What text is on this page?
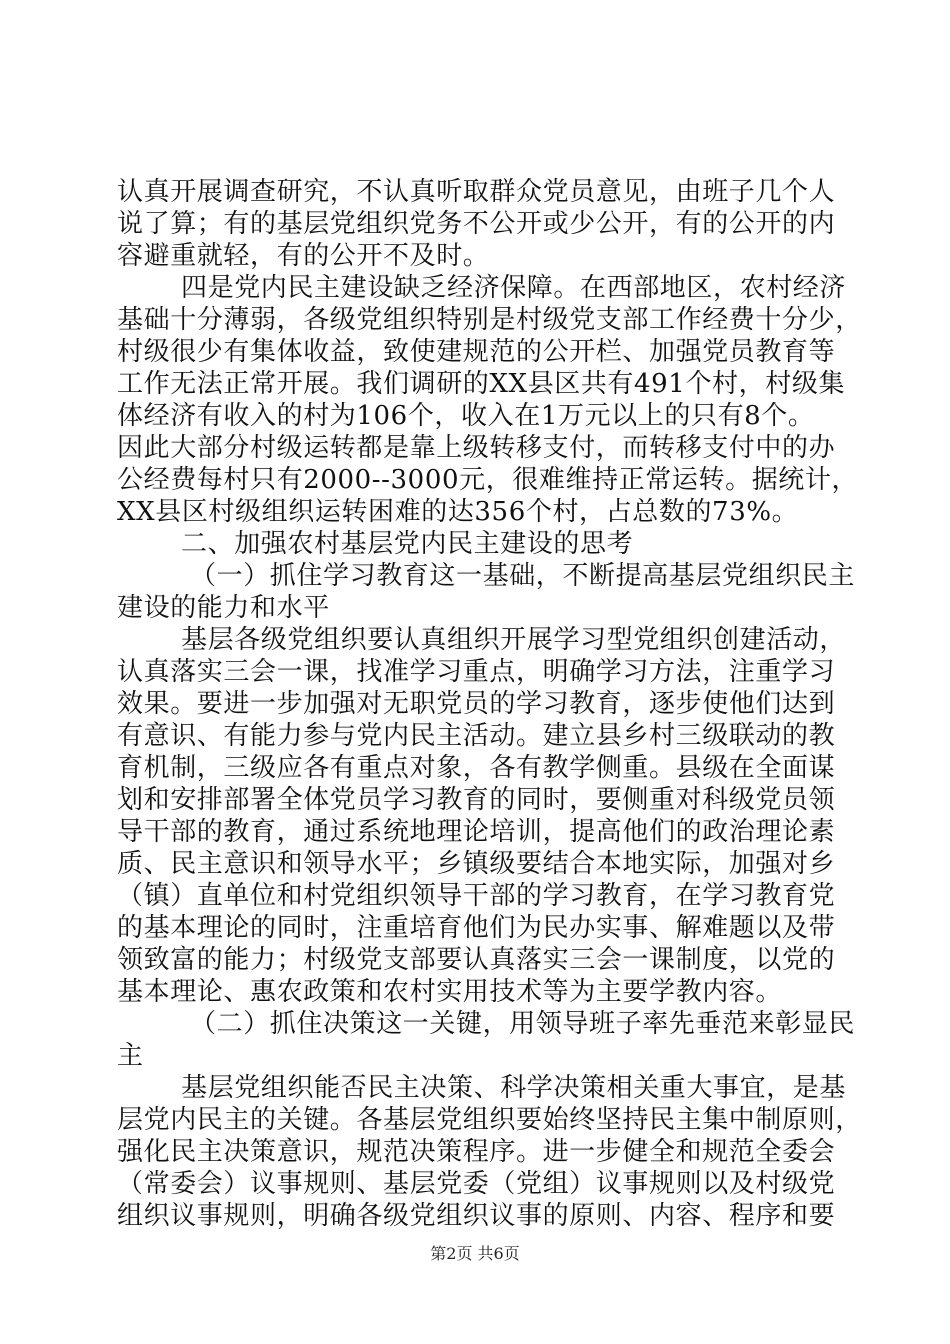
认真开展调查研究，不认真听取群众党员意见，由班子几个人
说了算；有的基层党组织党务不公开或少公开，有的公开的内
容避重就轻，有的公开不及时。
四是党内民主建设缺乏经济保障。在西部地区，农村经济
基础十分薄弱，各级党组织特别是村级党支部工作经费十分少，
村级很少有集体收益，致使建规范的公开栏、加强党员教育等
工作无法正常开展。我们调研的XX县区共有491个村，村级集
体经济有收入的村为106个，收入在1万元以上的只有8个。
因此大部分村级运转都是靠上级转移支付，而转移支付中的办
公经费每村只有2000--3000元，很难维持正常运转。据统计，
XX县区村级组织运转困难的达356个村，占总数的73%。
二、加强农村基层党内民主建设的思考
（一）抓住学习教育这一基础，不断提高基层党组织民主
建设的能力和水平
基层各级党组织要认真组织开展学习型党组织创建活动，
认真落实三会一课，找准学习重点，明确学习方法，注重学习
效果。要进一步加强对无职党员的学习教育，逐步使他们达到
有意识、有能力参与党内民主活动。建立县乡村三级联动的教
育机制，三级应各有重点对象，各有教学侧重。县级在全面谋
划和安排部署全体党员学习教育的同时，要侧重对科级党员领
导干部的教育，通过系统地理论培训，提高他们的政治理论素
质、民主意识和领导水平；乡镇级要结合本地实际，加强对乡
（镇）直单位和村党组织领导干部的学习教育，在学习教育党
的基本理论的同时，注重培育他们为民办实事、解难题以及带
领致富的能力；村级党支部要认真落实三会一课制度，以党的
基本理论、惠农政策和农村实用技术等为主要学教内容。
（二）抓住决策这一关键，用领导班子率先垂范来彰显民
主
基层党组织能否民主决策、科学决策相关重大事宜，是基
层党内民主的关键。各基层党组织要始终坚持民主集中制原则，
强化民主决策意识，规范决策程序。进一步健全和规范全委会
（常委会）议事规则、基层党委（党组）议事规则以及村级党
组织议事规则，明确各级党组织议事的原则、内容、程序和要
第2页 共6页
